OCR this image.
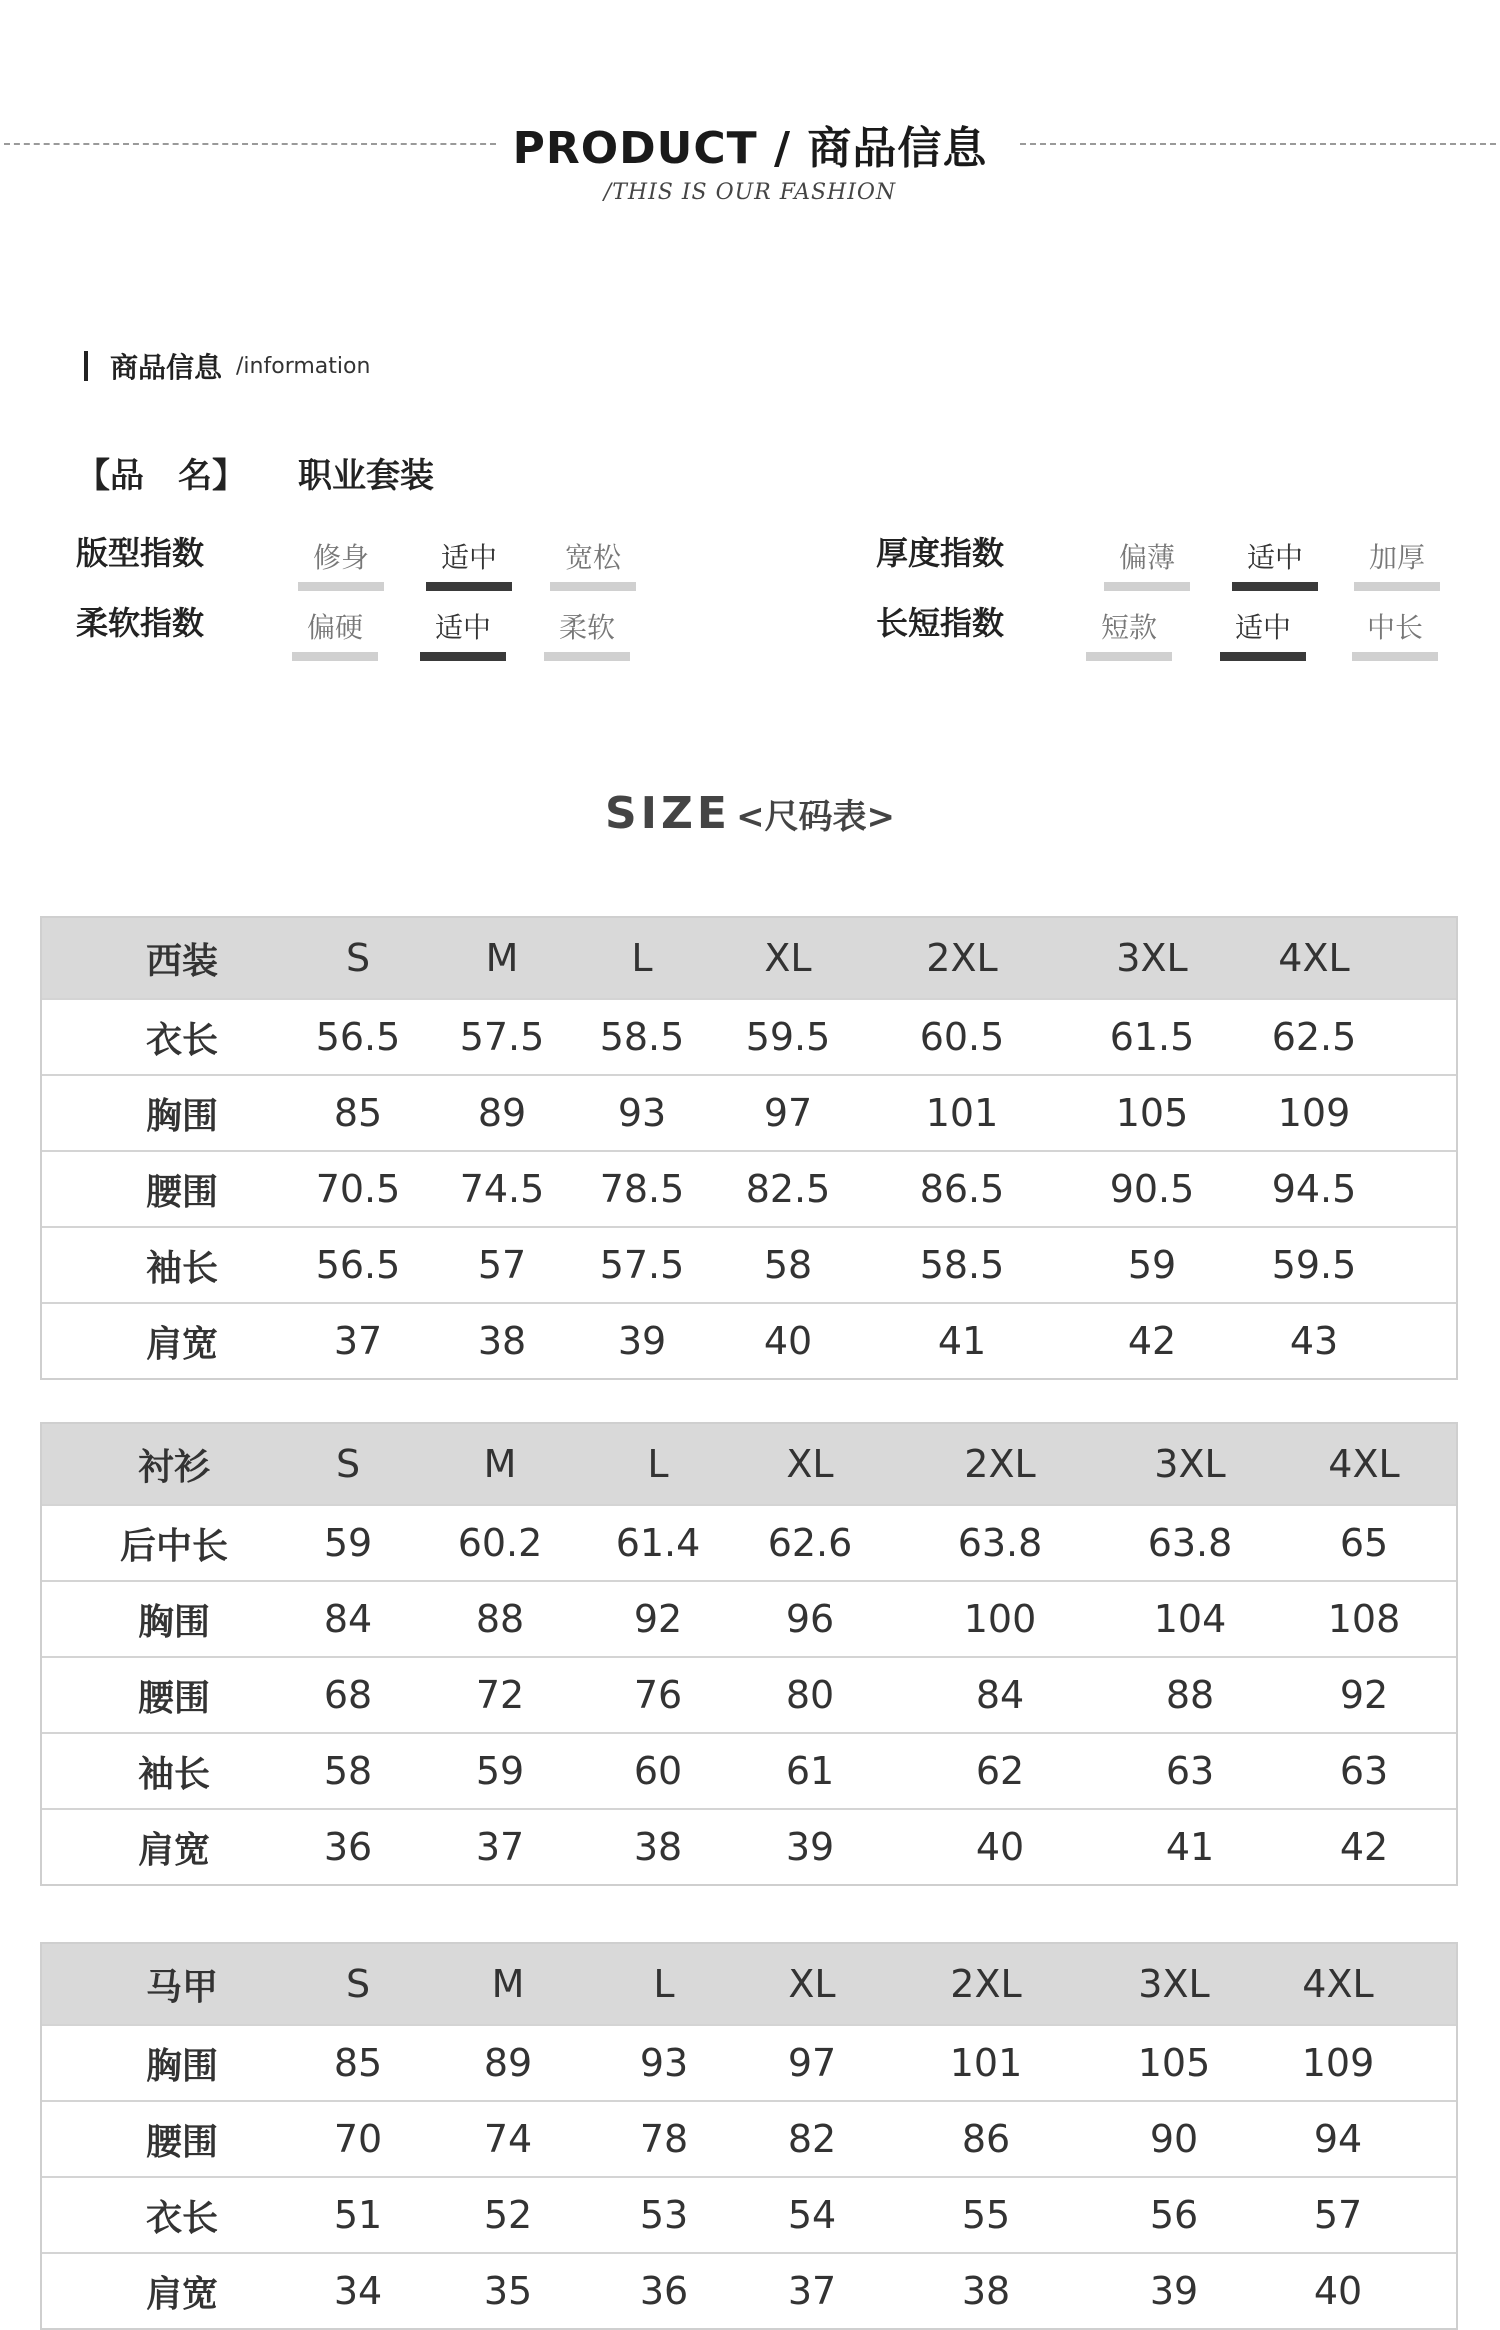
PRODUCT / 商品信息
/THIS IS OUR FASHION
商品信息 /information
【品　名】 职业套装
版型指数	修身	适中	宽松
柔软指数	偏硬	适中	柔软
厚度指数	偏薄	适中	加厚
长短指数	短款	适中	中长
SIZE <尺码表>
西装	S	M	L	XL	2XL	3XL	4XL
衣长	56.5	57.5	58.5	59.5	60.5	61.5	62.5
胸围	85	89	93	97	101	105	109
腰围	70.5	74.5	78.5	82.5	86.5	90.5	94.5
袖长	56.5	57	57.5	58	58.5	59	59.5
肩宽	37	38	39	40	41	42	43
衬衫	S	M	L	XL	2XL	3XL	4XL
后中长	59	60.2	61.4	62.6	63.8	63.8	65
胸围	84	88	92	96	100	104	108
腰围	68	72	76	80	84	88	92
袖长	58	59	60	61	62	63	63
肩宽	36	37	38	39	40	41	42
马甲	S	M	L	XL	2XL	3XL	4XL
胸围	85	89	93	97	101	105	109
腰围	70	74	78	82	86	90	94
衣长	51	52	53	54	55	56	57
肩宽	34	35	36	37	38	39	40
